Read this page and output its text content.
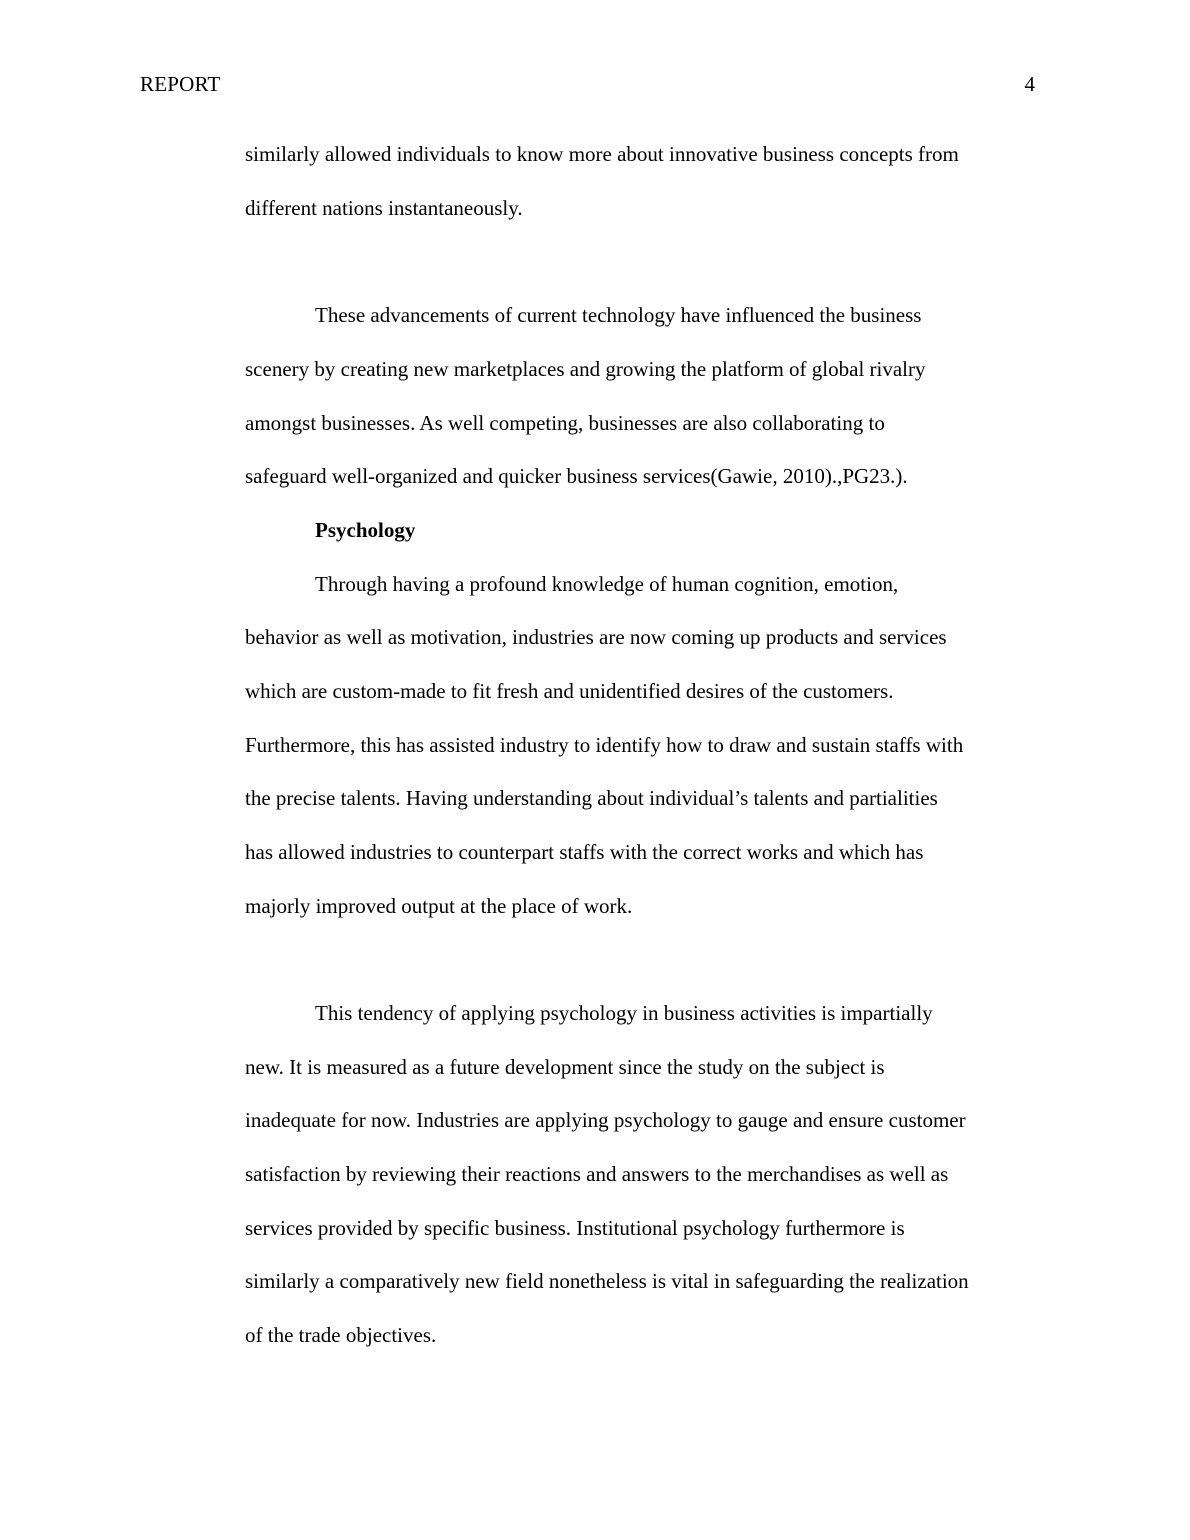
REPORT	4
similarly allowed individuals to know more about innovative business concepts from
different nations instantaneously.
These advancements of current technology have influenced the business
scenery by creating new marketplaces and growing the platform of global rivalry
amongst businesses. As well competing, businesses are also collaborating to
safeguard well-organized and quicker business services(Gawie, 2010).,PG23.).
Psychology
Through having a profound knowledge of human cognition, emotion,
behavior as well as motivation, industries are now coming up products and services
which are custom-made to fit fresh and unidentified desires of the customers.
Furthermore, this has assisted industry to identify how to draw and sustain staffs with
the precise talents. Having understanding about individual’s talents and partialities
has allowed industries to counterpart staffs with the correct works and which has
majorly improved output at the place of work.
This tendency of applying psychology in business activities is impartially
new. It is measured as a future development since the study on the subject is
inadequate for now. Industries are applying psychology to gauge and ensure customer
satisfaction by reviewing their reactions and answers to the merchandises as well as
services provided by specific business. Institutional psychology furthermore is
similarly a comparatively new field nonetheless is vital in safeguarding the realization
of the trade objectives.
